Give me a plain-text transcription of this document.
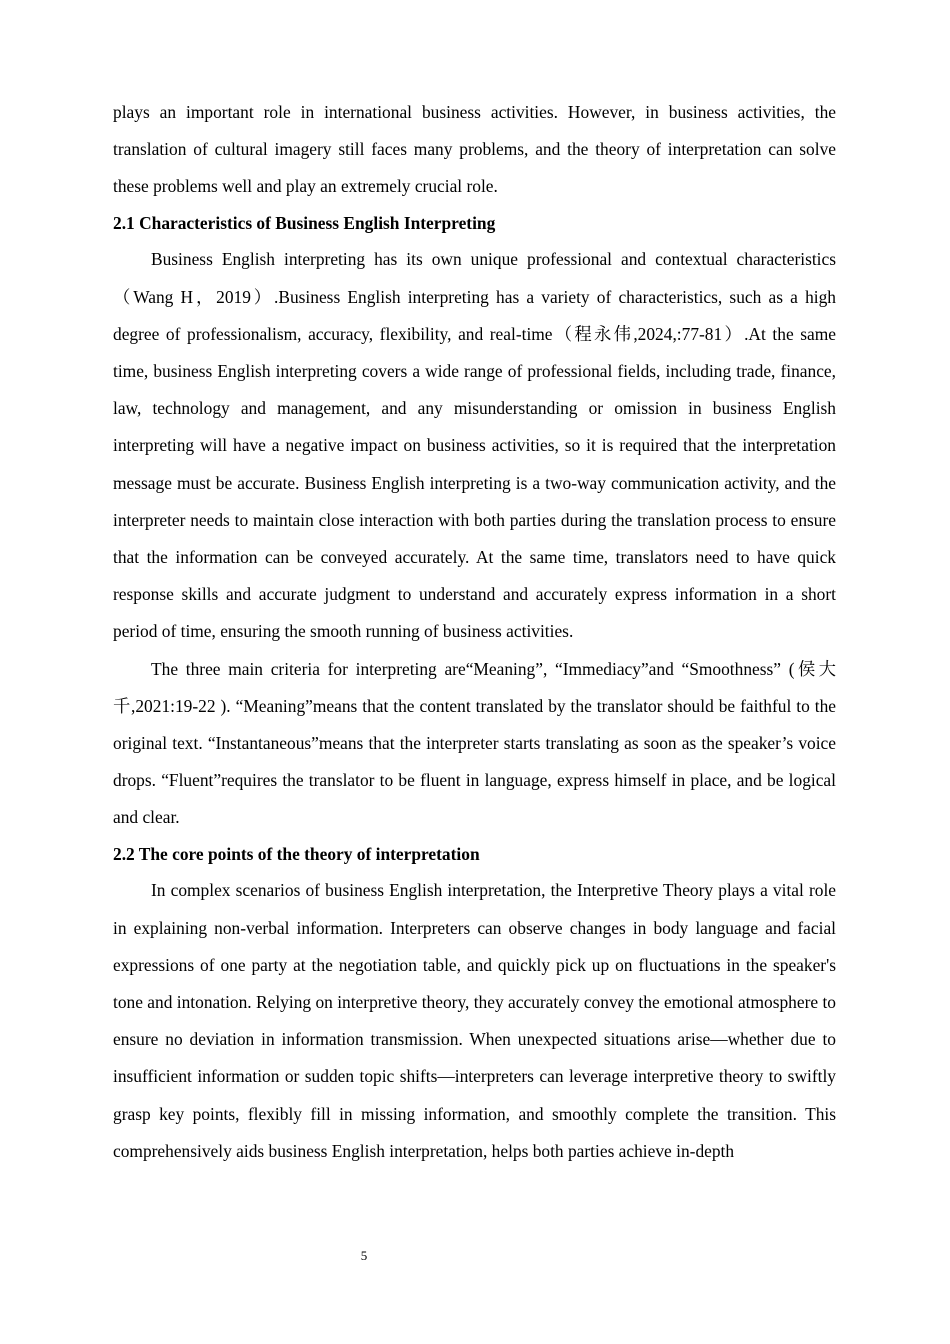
plays an important role in international business activities. However, in business activities, the translation of cultural imagery still faces many problems, and the theory of interpretation can solve these problems well and play an extremely crucial role.

2.1 Characteristics of Business English Interpreting

Business English interpreting has its own unique professional and contextual characteristics（Wang H，2019）.Business English interpreting has a variety of characteristics, such as a high degree of professionalism, accuracy, flexibility, and real-time（程永伟,2024,:77-81）.At the same time, business English interpreting covers a wide range of professional fields, including trade, finance, law, technology and management, and any misunderstanding or omission in business English interpreting will have a negative impact on business activities, so it is required that the interpretation message must be accurate. Business English interpreting is a two-way communication activity, and the interpreter needs to maintain close interaction with both parties during the translation process to ensure that the information can be conveyed accurately. At the same time, translators need to have quick response skills and accurate judgment to understand and accurately express information in a short period of time, ensuring the smooth running of business activities.

The three main criteria for interpreting are“Meaning”, “Immediacy”and “Smoothness” (侯大千,2021:19-22 ). “Meaning”means that the content translated by the translator should be faithful to the original text. “Instantaneous”means that the interpreter starts translating as soon as the speaker’s voice drops. “Fluent”requires the translator to be fluent in language, express himself in place, and be logical and clear.

2.2 The core points of the theory of interpretation

In complex scenarios of business English interpretation, the Interpretive Theory plays a vital role in explaining non-verbal information. Interpreters can observe changes in body language and facial expressions of one party at the negotiation table, and quickly pick up on fluctuations in the speaker's tone and intonation. Relying on interpretive theory, they accurately convey the emotional atmosphere to ensure no deviation in information transmission. When unexpected situations arise—whether due to insufficient information or sudden topic shifts—interpreters can leverage interpretive theory to swiftly grasp key points, flexibly fill in missing information, and smoothly complete the transition. This comprehensively aids business English interpretation, helps both parties achieve in-depth

5
